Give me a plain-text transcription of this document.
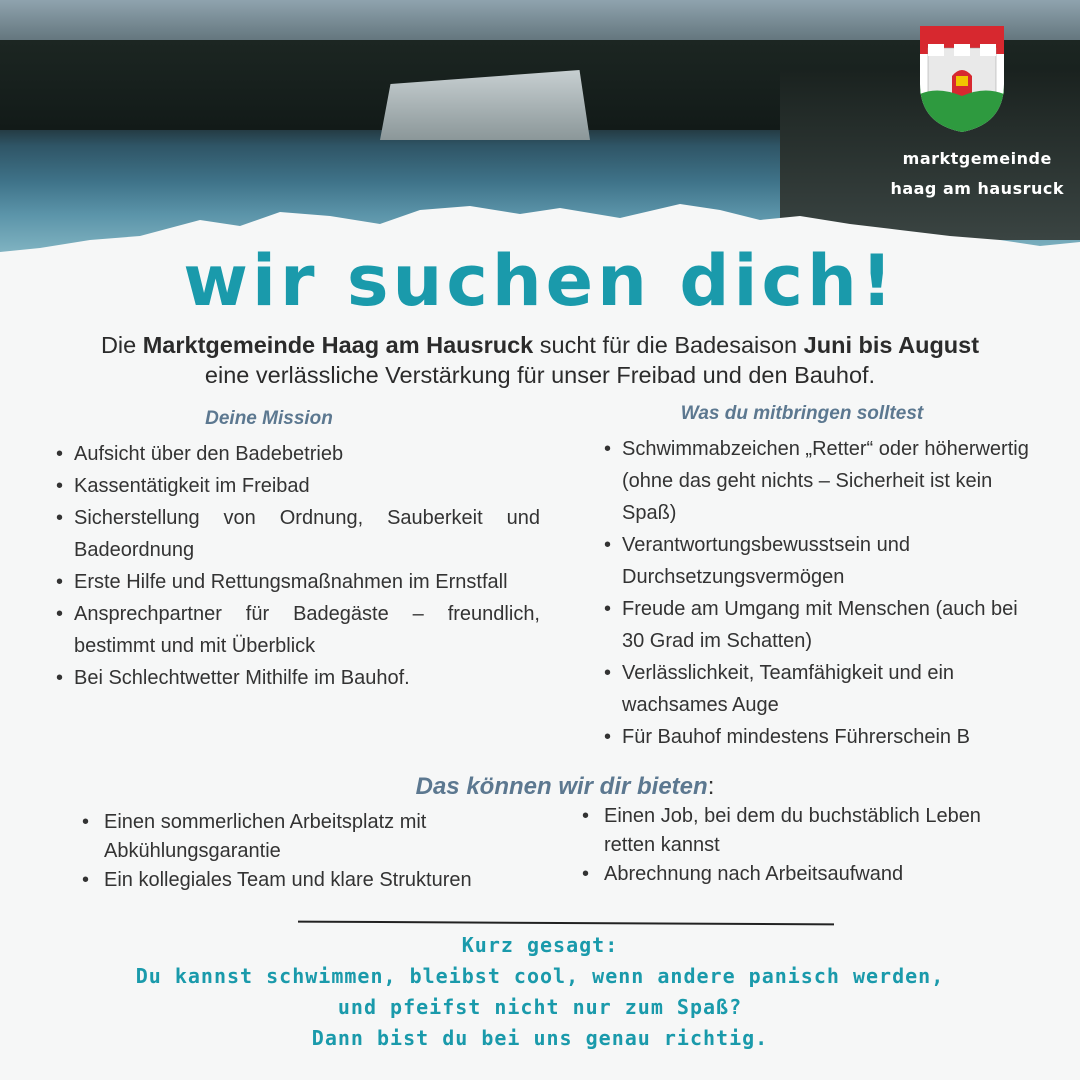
marktgemeinde
haag am hausruck
wir suchen dich!
Die Marktgemeinde Haag am Hausruck sucht für die Badesaison Juni bis August
eine verlässliche Verstärkung für unser Freibad und den Bauhof.
Deine Mission
• Aufsicht über den Badebetrieb
• Kassentätigkeit im Freibad
• Sicherstellung von Ordnung, Sauberkeit und Badeordnung
• Erste Hilfe und Rettungsmaßnahmen im Ernstfall
• Ansprechpartner für Badegäste – freundlich, bestimmt und mit Überblick
• Bei Schlechtwetter Mithilfe im Bauhof.
Was du mitbringen solltest
• Schwimmabzeichen „Retter“ oder höherwertig (ohne das geht nichts – Sicherheit ist kein Spaß)
• Verantwortungsbewusstsein und Durchsetzungsvermögen
• Freude am Umgang mit Menschen (auch bei 30 Grad im Schatten)
• Verlässlichkeit, Teamfähigkeit und ein wachsames Auge
• Für Bauhof mindestens Führerschein B
Das können wir dir bieten:
• Einen sommerlichen Arbeitsplatz mit Abkühlungsgarantie
• Ein kollegiales Team und klare Strukturen
• Einen Job, bei dem du buchstäblich Leben retten kannst
• Abrechnung nach Arbeitsaufwand
Kurz gesagt:
Du kannst schwimmen, bleibst cool, wenn andere panisch werden,
und pfeifst nicht nur zum Spaß?
Dann bist du bei uns genau richtig.
